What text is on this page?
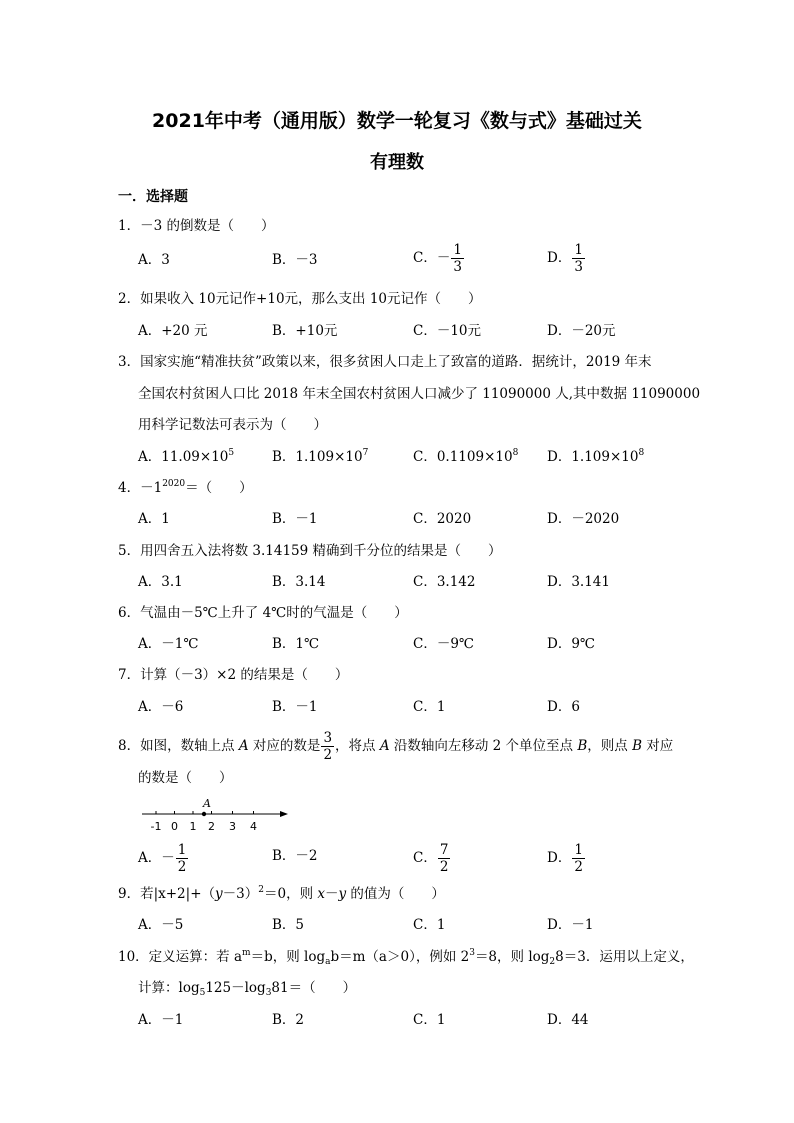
2021年中考（通用版）数学一轮复习《数与式》基础过关
有理数
一．选择题
1．－3 的倒数是（　　）
A．3	B．－3	C．－ $\frac{1}{3}$	D． $\frac{1}{3}$
2．如果收入 10元记作+10元，那么支出 10元记作（　　）
A．+20 元	B．+10元	C．－10元	D．－20元
3．国家实施“精准扶贫”政策以来，很多贫困人口走上了致富的道路．据统计，2019 年末
全国农村贫困人口比 2018 年末全国农村贫困人口减少了 11090000 人,其中数据 11090000
用科学记数法可表示为（　　）
A．$11.09\times 10^5$	B．$1.109\times 10^7$	C．$0.1109\times 10^8$ D．$1.109\times 10^8$
4．$-1^{2020}=$（　　）
A．1	B．－1	C．2020	D．－2020
5．用四舍五入法将数 3.14159 精确到千分位的结果是（　　）
A．3.1	B．3.14	C．3.142	D．3.141
6．气温由－5℃上升了 4℃时的气温是（　　）
A．－1℃	B．1℃	C．－9℃	D．9℃
7．计算（－3）×2 的结果是（　　）
A．－6	B．－1	C．1	D．6
8．如图，数轴上点 A 对应的数是 $\frac{3}{2}$ ，将点 A 沿数轴向左移动 2 个单位至点 B，则点 B 对应
的数是（　　）
-1 0 1 2 3 4
A
A．－ $\frac{1}{2}$	B．－2	C． $\frac{7}{2}$	D． $\frac{1}{2}$
9．若$|x+2|+(y-3)^2=0$，则 x－y 的值为（　　）
A．－5	B．5	C．1	D．－1
10．定义运算：若 $a^m=b$，则 $\log_ab=m(a>0)$，例如 $2^3=8$，则 $\log_28=3$．运用以上定义，
计算：$\log_5125-\log_381=$（　　）
A．－1	B．2	C．1	D．44
